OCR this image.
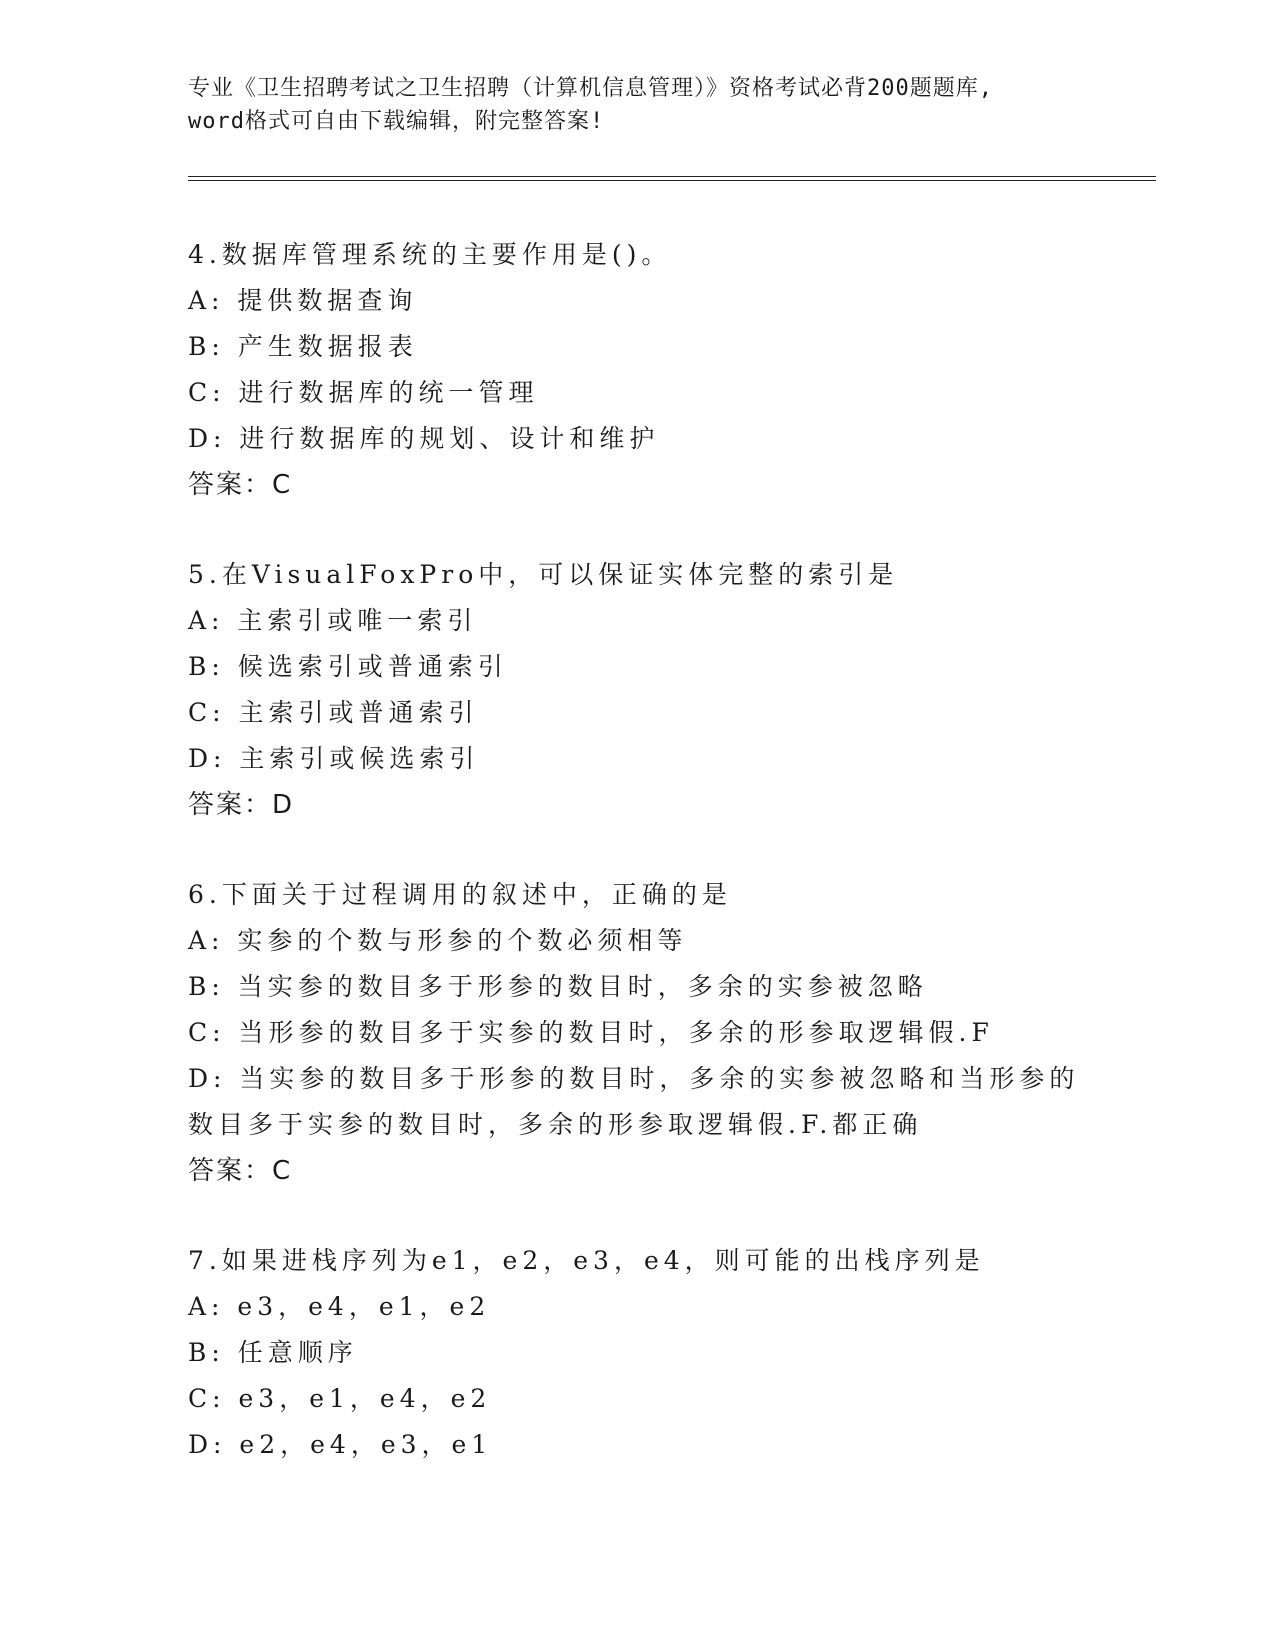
专业《卫生招聘考试之卫生招聘（计算机信息管理）》资格考试必背200题题库,
word格式可自由下载编辑，附完整答案!
4.数据库管理系统的主要作用是()。
A: 提供数据查询
B: 产生数据报表
C: 进行数据库的统一管理
D: 进行数据库的规划、设计和维护
答案：C
5.在VisualFoxPro中，可以保证实体完整的索引是
A: 主索引或唯一索引
B: 候选索引或普通索引
C: 主索引或普通索引
D: 主索引或候选索引
答案：D
6.下面关于过程调用的叙述中，正确的是
A: 实参的个数与形参的个数必须相等
B: 当实参的数目多于形参的数目时，多余的实参被忽略
C: 当形参的数目多于实参的数目时，多余的形参取逻辑假.F
D: 当实参的数目多于形参的数目时，多余的实参被忽略和当形参的数目多于实参的数目时，多余的形参取逻辑假.F.都正确
答案：C
7.如果进栈序列为e1，e2，e3，e4，则可能的出栈序列是
A: e3，e4，e1，e2
B: 任意顺序
C: e3，e1，e4，e2
D: e2，e4，e3，e1
